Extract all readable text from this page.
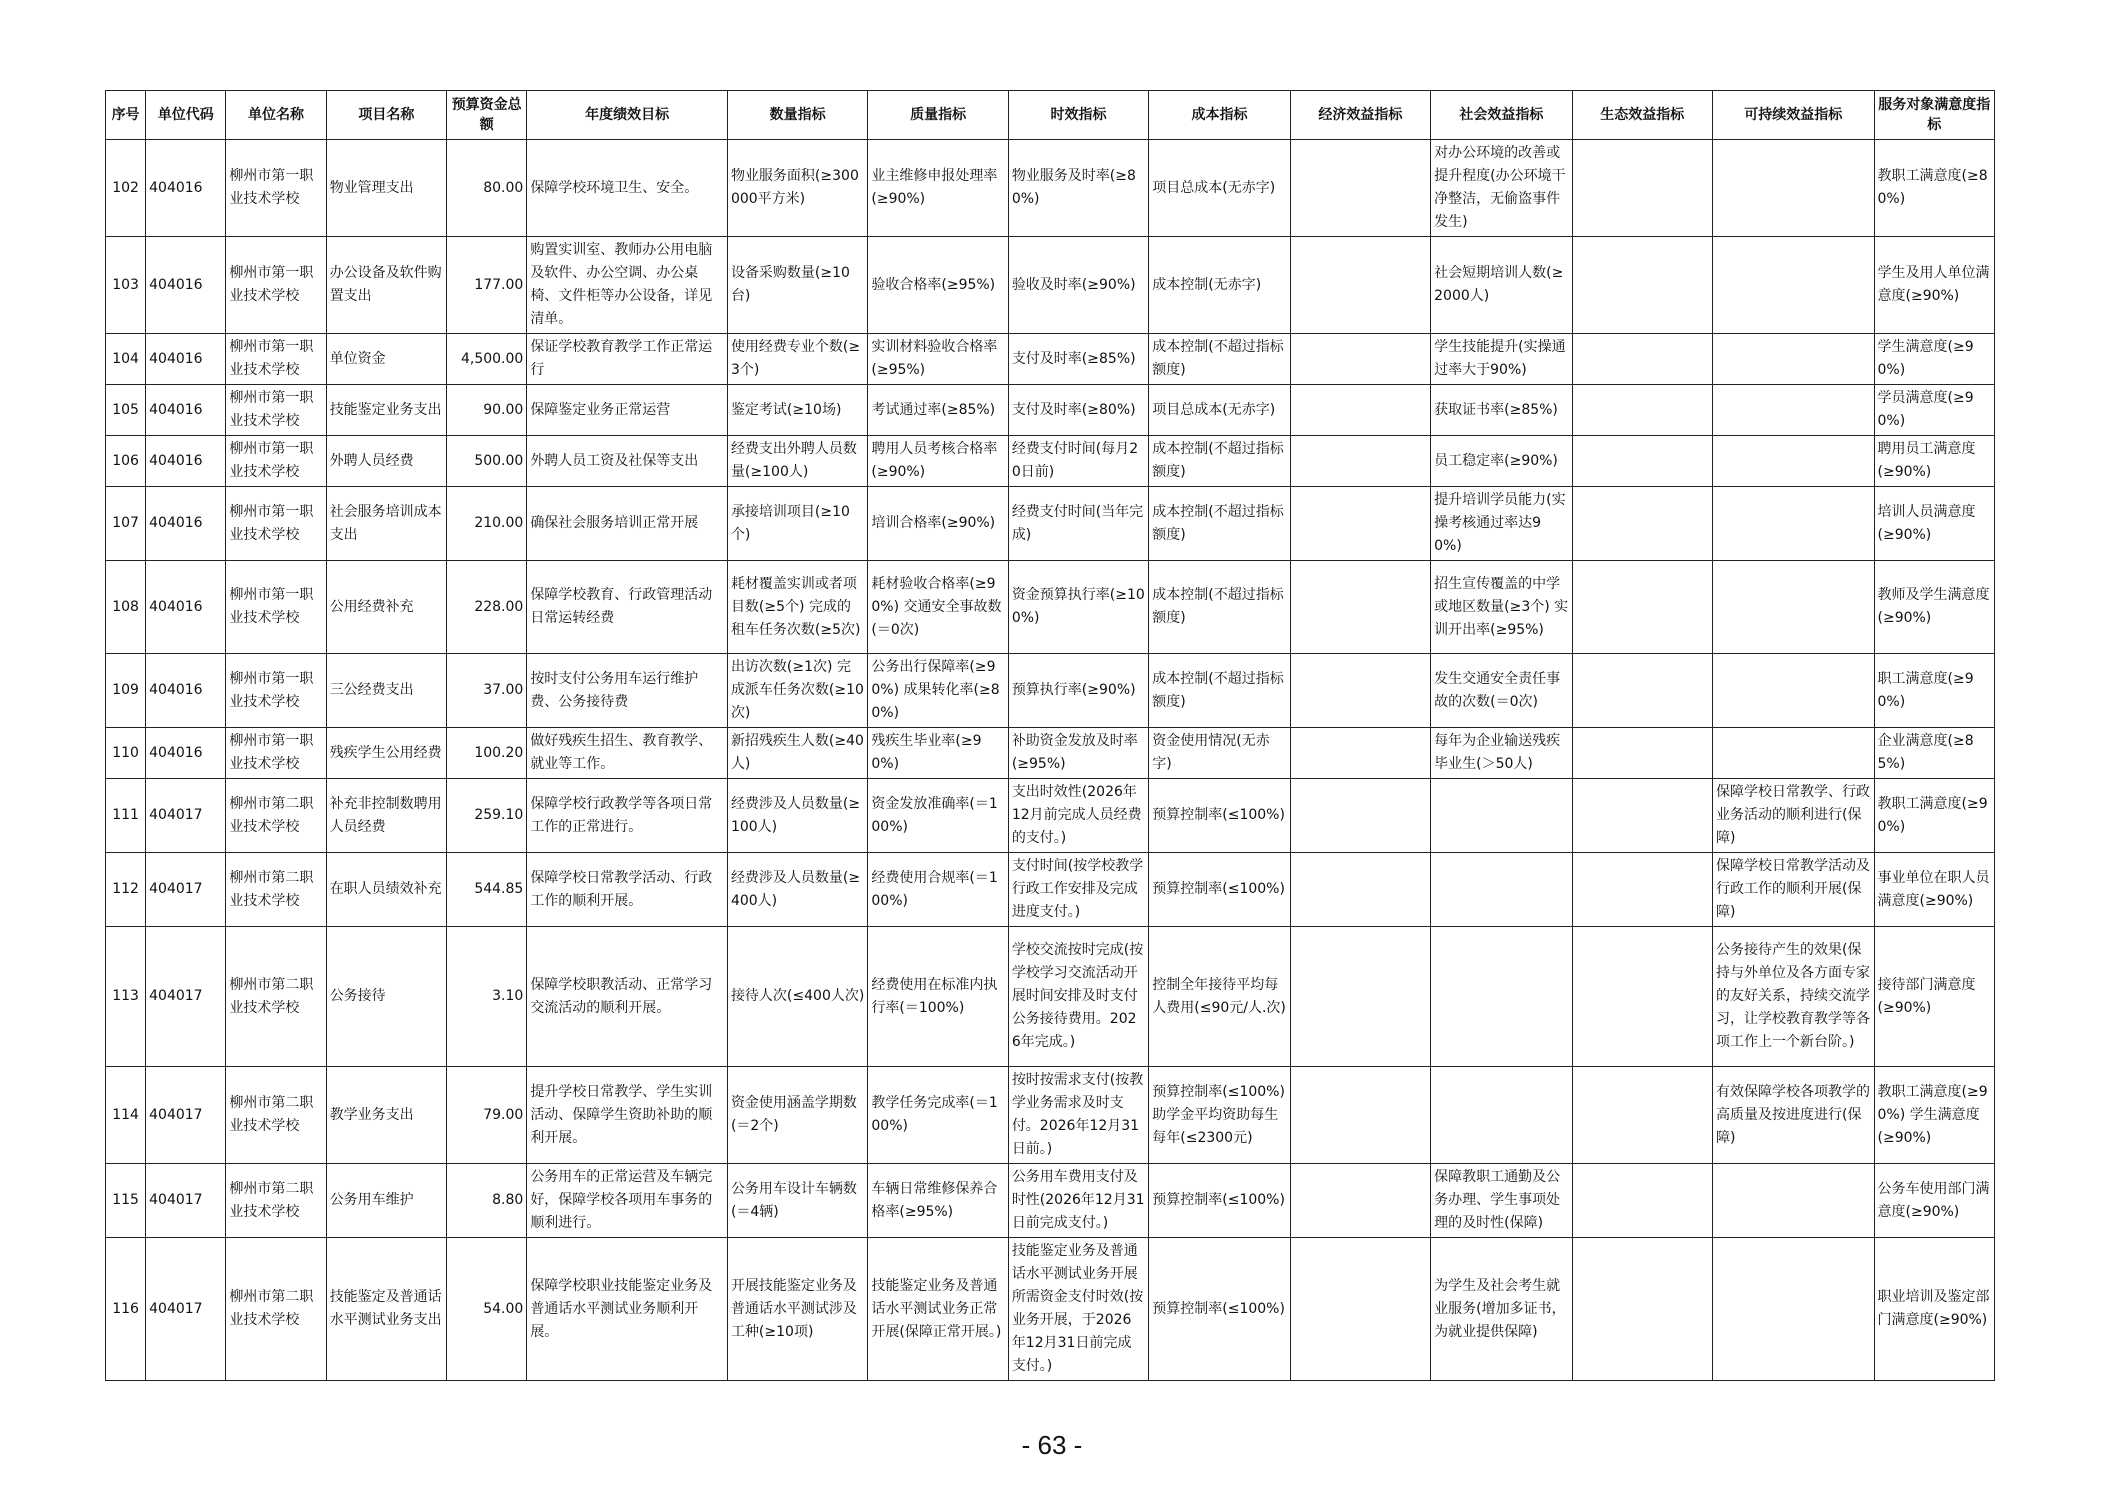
序号	单位代码	单位名称	项目名称	预算资金总额	年度绩效目标	数量指标	质量指标	时效指标	成本指标	经济效益指标	社会效益指标	生态效益指标	可持续效益指标	服务对象满意度指标
102	404016	柳州市第一职业技术学校	物业管理支出	80.00	保障学校环境卫生、安全。	物业服务面积(≥300000平方米)	业主维修申报处理率(≥90%)	物业服务及时率(≥80%)	项目总成本(无赤字)		对办公环境的改善或提升程度(办公环境干净整洁，无偷盗事件发生)			教职工满意度(≥80%)
103	404016	柳州市第一职业技术学校	办公设备及软件购置支出	177.00	购置实训室、教师办公用电脑及软件、办公空调、办公桌椅、文件柜等办公设备，详见清单。	设备采购数量(≥10台)	验收合格率(≥95%)	验收及时率(≥90%)	成本控制(无赤字)		社会短期培训人数(≥2000人)			学生及用人单位满意度(≥90%)
104	404016	柳州市第一职业技术学校	单位资金	4,500.00	保证学校教育教学工作正常运行	使用经费专业个数(≥3个)	实训材料验收合格率(≥95%)	支付及时率(≥85%)	成本控制(不超过指标额度)		学生技能提升(实操通过率大于90%)			学生满意度(≥90%)
105	404016	柳州市第一职业技术学校	技能鉴定业务支出	90.00	保障鉴定业务正常运营	鉴定考试(≥10场)	考试通过率(≥85%)	支付及时率(≥80%)	项目总成本(无赤字)		获取证书率(≥85%)			学员满意度(≥90%)
106	404016	柳州市第一职业技术学校	外聘人员经费	500.00	外聘人员工资及社保等支出	经费支出外聘人员数量(≥100人)	聘用人员考核合格率(≥90%)	经费支付时间(每月20日前)	成本控制(不超过指标额度)		员工稳定率(≥90%)			聘用员工满意度(≥90%)
107	404016	柳州市第一职业技术学校	社会服务培训成本支出	210.00	确保社会服务培训正常开展	承接培训项目(≥10个)	培训合格率(≥90%)	经费支付时间(当年完成)	成本控制(不超过指标额度)		提升培训学员能力(实操考核通过率达90%)			培训人员满意度(≥90%)
108	404016	柳州市第一职业技术学校	公用经费补充	228.00	保障学校教育、行政管理活动日常运转经费	耗材覆盖实训或者项目数(≥5个) 完成的租车任务次数(≥5次)	耗材验收合格率(≥90%) 交通安全事故数(＝0次)	资金预算执行率(≥100%)	成本控制(不超过指标额度)		招生宣传覆盖的中学或地区数量(≥3个) 实训开出率(≥95%)			教师及学生满意度(≥90%)
109	404016	柳州市第一职业技术学校	三公经费支出	37.00	按时支付公务用车运行维护费、公务接待费	出访次数(≥1次) 完成派车任务次数(≥10次)	公务出行保障率(≥90%) 成果转化率(≥80%)	预算执行率(≥90%)	成本控制(不超过指标额度)		发生交通安全责任事故的次数(＝0次)			职工满意度(≥90%)
110	404016	柳州市第一职业技术学校	残疾学生公用经费	100.20	做好残疾生招生、教育教学、就业等工作。	新招残疾生人数(≥40人)	残疾生毕业率(≥90%)	补助资金发放及时率(≥95%)	资金使用情况(无赤字)		每年为企业输送残疾毕业生(＞50人)			企业满意度(≥85%)
111	404017	柳州市第二职业技术学校	补充非控制数聘用人员经费	259.10	保障学校行政教学等各项日常工作的正常进行。	经费涉及人员数量(≥100人)	资金发放准确率(＝100%)	支出时效性(2026年12月前完成人员经费的支付。)	预算控制率(≤100%)				保障学校日常教学、行政业务活动的顺利进行(保障)	教职工满意度(≥90%)
112	404017	柳州市第二职业技术学校	在职人员绩效补充	544.85	保障学校日常教学活动、行政工作的顺利开展。	经费涉及人员数量(≥400人)	经费使用合规率(＝100%)	支付时间(按学校教学行政工作安排及完成进度支付。)	预算控制率(≤100%)				保障学校日常教学活动及行政工作的顺利开展(保障)	事业单位在职人员满意度(≥90%)
113	404017	柳州市第二职业技术学校	公务接待	3.10	保障学校职教活动、正常学习交流活动的顺利开展。	接待人次(≤400人次)	经费使用在标准内执行率(＝100%)	学校交流按时完成(按学校学习交流活动开展时间安排及时支付公务接待费用。2026年完成。)	控制全年接待平均每人费用(≤90元/人.次)				公务接待产生的效果(保持与外单位及各方面专家的友好关系，持续交流学习，让学校教育教学等各项工作上一个新台阶。)	接待部门满意度(≥90%)
114	404017	柳州市第二职业技术学校	教学业务支出	79.00	提升学校日常教学、学生实训活动、保障学生资助补助的顺利开展。	资金使用涵盖学期数(＝2个)	教学任务完成率(＝100%)	按时按需求支付(按教学业务需求及时支付。2026年12月31日前。)	预算控制率(≤100%) 助学金平均资助每生每年(≤2300元)				有效保障学校各项教学的高质量及按进度进行(保障)	教职工满意度(≥90%) 学生满意度(≥90%)
115	404017	柳州市第二职业技术学校	公务用车维护	8.80	公务用车的正常运营及车辆完好，保障学校各项用车事务的顺利进行。	公务用车设计车辆数(＝4辆)	车辆日常维修保养合格率(≥95%)	公务用车费用支付及时性(2026年12月31日前完成支付。)	预算控制率(≤100%)		保障教职工通勤及公务办理、学生事项处理的及时性(保障)			公务车使用部门满意度(≥90%)
116	404017	柳州市第二职业技术学校	技能鉴定及普通话水平测试业务支出	54.00	保障学校职业技能鉴定业务及普通话水平测试业务顺利开展。	开展技能鉴定业务及普通话水平测试涉及工种(≥10项)	技能鉴定业务及普通话水平测试业务正常开展(保障正常开展。)	技能鉴定业务及普通话水平测试业务开展所需资金支付时效(按业务开展，于2026年12月31日前完成支付。)	预算控制率(≤100%)		为学生及社会考生就业服务(增加多证书，为就业提供保障)			职业培训及鉴定部门满意度(≥90%)
- 63 -
